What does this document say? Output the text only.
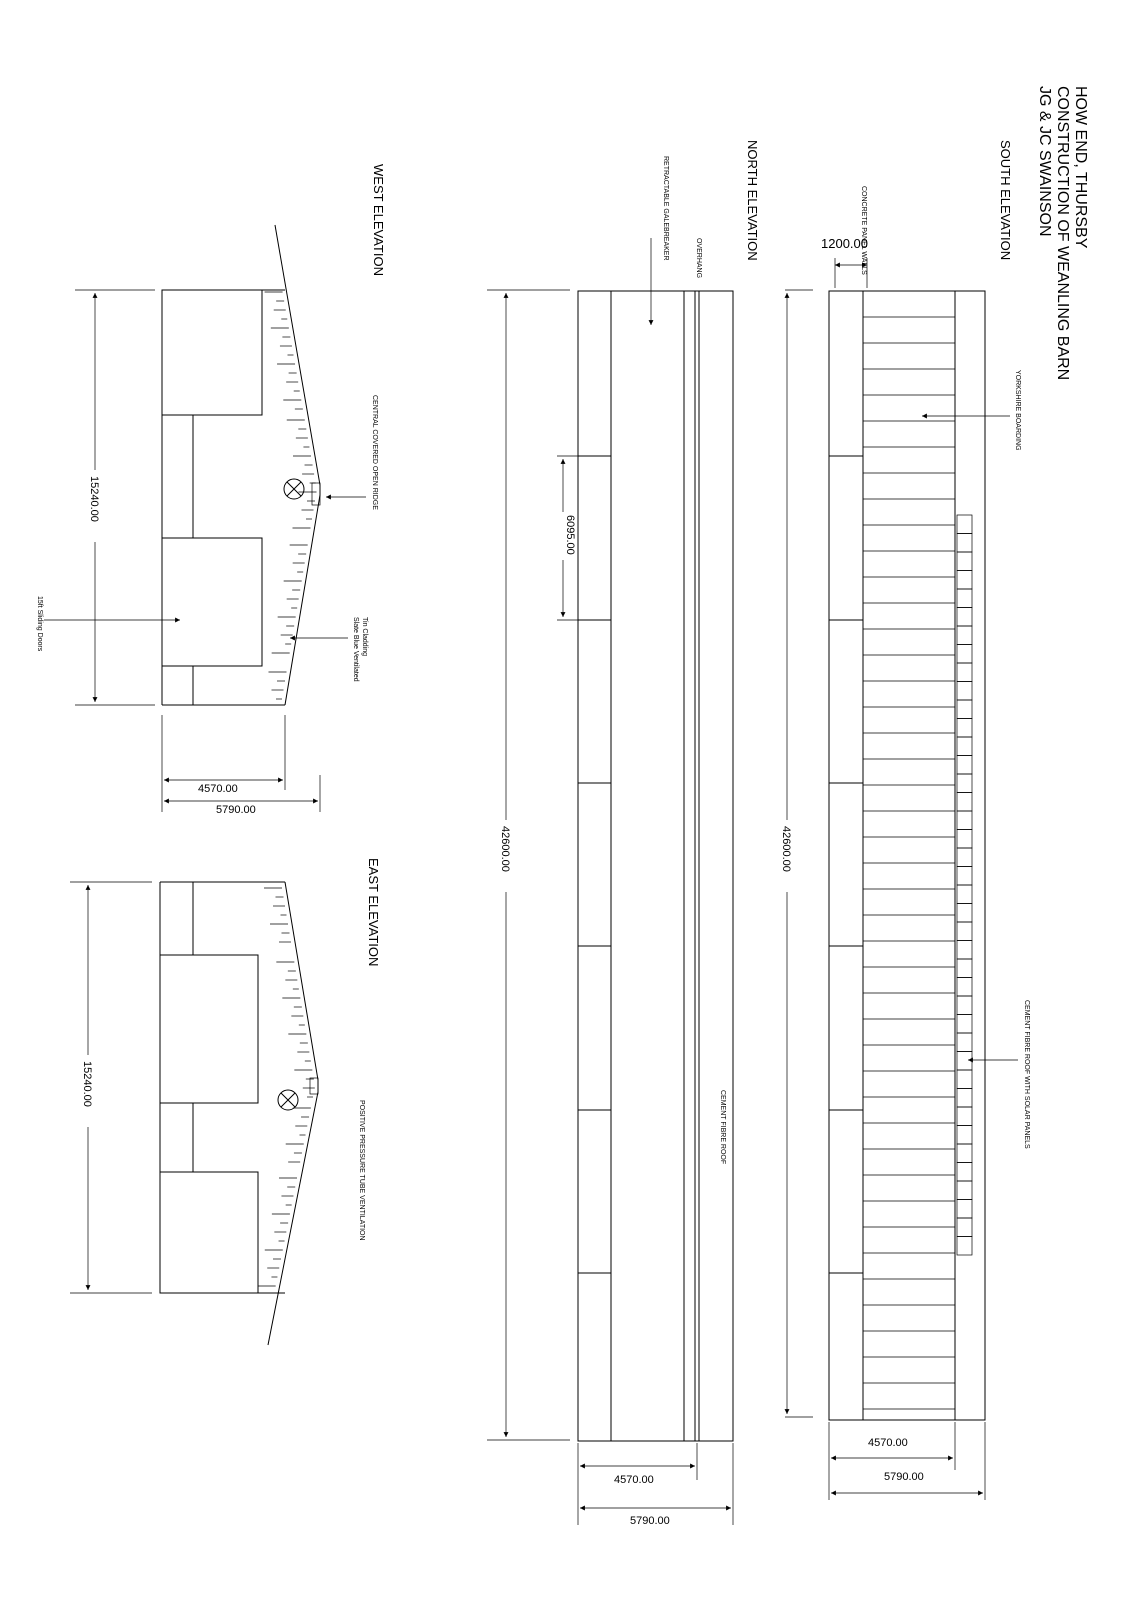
JG & JC SWAINSON CONSTRUCTION OF WEANLING BARN HOW END, THURSBY
SOUTH ELEVATION
CONCRETE PANEL WALLS
1200.00
YORKSHIRE BOARDING
CEMENT FIBRE ROOF WITH SOLAR PANELS
42600.00
4570.00
5790.00
NORTH ELEVATION
RETRACTABLE GALEBREAKER	OVERHANG
CEMENT FIBRE ROOF
6095.00
42600.00
4570.00
5790.00
WEST ELEVATION
CENTRAL COVERED OPEN RIDGE
Slate Blue Ventilated Tin Cladding
15ft Sliding Doors
15240.00
4570.00
5790.00
EAST ELEVATION
POSITIVE PRESSURE TUBE VENTILATION
15240.00
